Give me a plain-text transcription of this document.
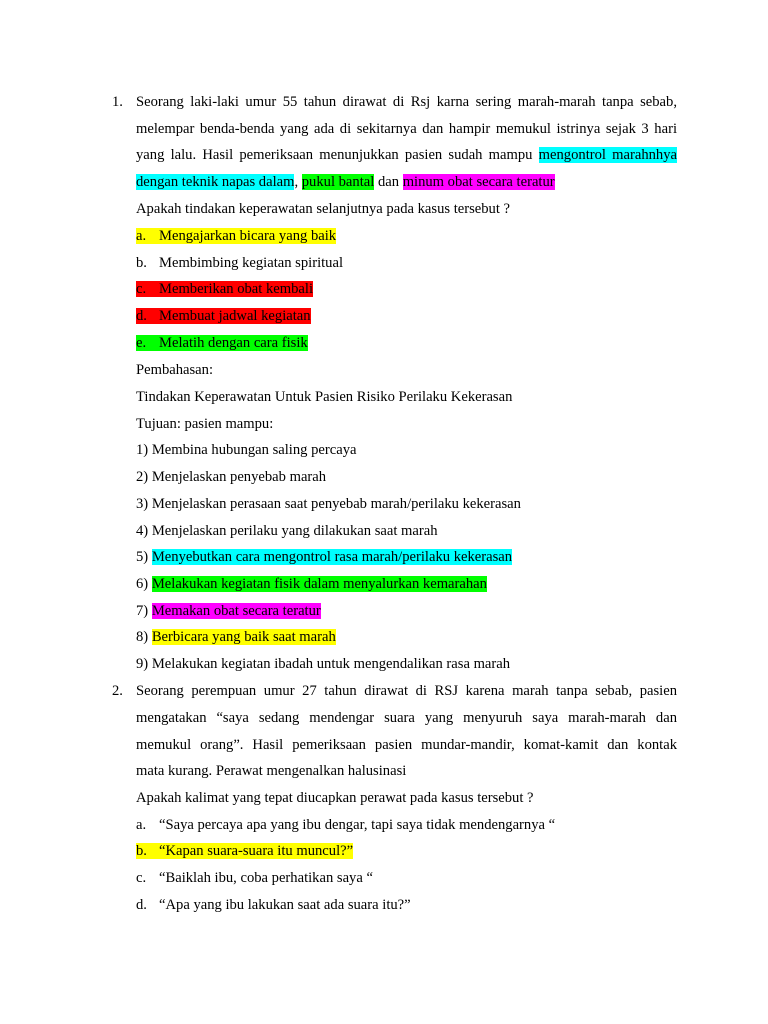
1. Seorang laki-laki umur 55 tahun dirawat di Rsj karna sering marah-marah tanpa sebab,
melempar benda-benda yang ada di sekitarnya dan hampir memukul istrinya sejak 3 hari
yang lalu. Hasil pemeriksaan menunjukkan pasien sudah mampu mengontrol marahnhya
dengan teknik napas dalam, pukul bantal dan minum obat secara teratur
Apakah tindakan keperawatan selanjutnya pada kasus tersebut ?
a. Mengajarkan bicara yang baik
b. Membimbing kegiatan spiritual
c. Memberikan obat kembali
d. Membuat jadwal kegiatan
e. Melatih dengan cara fisik
Pembahasan:
Tindakan Keperawatan Untuk Pasien Risiko Perilaku Kekerasan
Tujuan: pasien mampu:
1) Membina hubungan saling percaya
2) Menjelaskan penyebab marah
3) Menjelaskan perasaan saat penyebab marah/perilaku kekerasan
4) Menjelaskan perilaku yang dilakukan saat marah
5) Menyebutkan cara mengontrol rasa marah/perilaku kekerasan
6) Melakukan kegiatan fisik dalam menyalurkan kemarahan
7) Memakan obat secara teratur
8) Berbicara yang baik saat marah
9) Melakukan kegiatan ibadah untuk mengendalikan rasa marah
2. Seorang perempuan umur 27 tahun dirawat di RSJ karena marah tanpa sebab, pasien
mengatakan “saya sedang mendengar suara yang menyuruh saya marah-marah dan
memukul orang”. Hasil pemeriksaan pasien mundar-mandir, komat-kamit dan kontak
mata kurang. Perawat mengenalkan halusinasi
Apakah kalimat yang tepat diucapkan perawat pada kasus tersebut ?
a. “Saya percaya apa yang ibu dengar, tapi saya tidak mendengarnya “
b. “Kapan suara-suara itu muncul?”
c. “Baiklah ibu, coba perhatikan saya “
d. “Apa yang ibu lakukan saat ada suara itu?”
